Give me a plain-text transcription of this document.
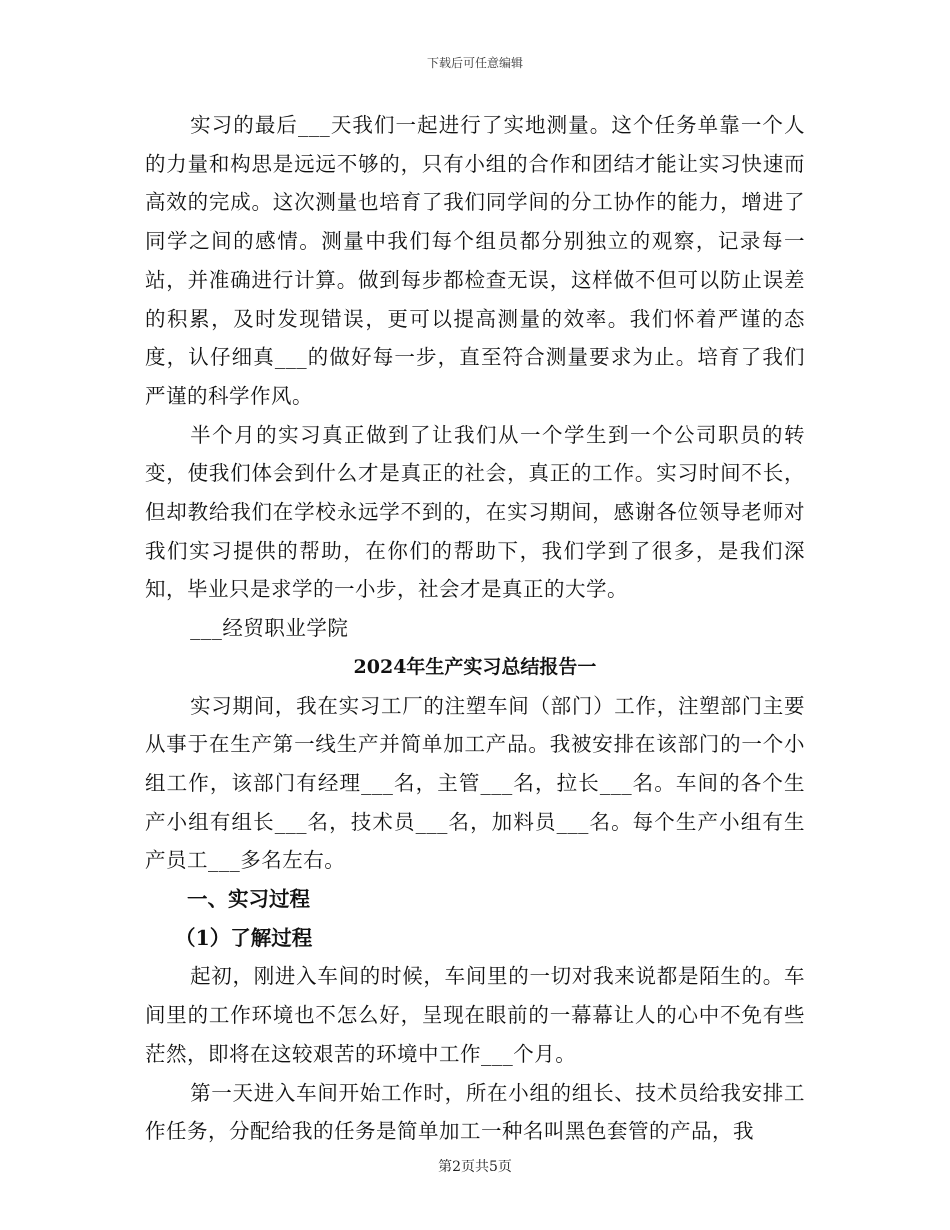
下载后可任意编辑

实习的最后___天我们一起进行了实地测量。这个任务单靠一个人的力量和构思是远远不够的，只有小组的合作和团结才能让实习快速而高效的完成。这次测量也培育了我们同学间的分工协作的能力，增进了同学之间的感情。测量中我们每个组员都分别独立的观察，记录每一站，并准确进行计算。做到每步都检查无误，这样做不但可以防止误差的积累，及时发现错误，更可以提高测量的效率。我们怀着严谨的态度，认仔细真___的做好每一步，直至符合测量要求为止。培育了我们严谨的科学作风。

半个月的实习真正做到了让我们从一个学生到一个公司职员的转变，使我们体会到什么才是真正的社会，真正的工作。实习时间不长，但却教给我们在学校永远学不到的，在实习期间，感谢各位领导老师对我们实习提供的帮助，在你们的帮助下，我们学到了很多，是我们深知，毕业只是求学的一小步，社会才是真正的大学。

___经贸职业学院

2024年生产实习总结报告一

实习期间，我在实习工厂的注塑车间（部门）工作，注塑部门主要从事于在生产第一线生产并简单加工产品。我被安排在该部门的一个小组工作，该部门有经理___名，主管___名，拉长___名。车间的各个生产小组有组长___名，技术员___名，加料员___名。每个生产小组有生产员工___多名左右。

一、实习过程

（1）了解过程

起初，刚进入车间的时候，车间里的一切对我来说都是陌生的。车间里的工作环境也不怎么好，呈现在眼前的一幕幕让人的心中不免有些茫然，即将在这较艰苦的环境中工作___个月。

第一天进入车间开始工作时，所在小组的组长、技术员给我安排工作任务，分配给我的任务是简单加工一种名叫黑色套管的产品，我

第2页共5页
